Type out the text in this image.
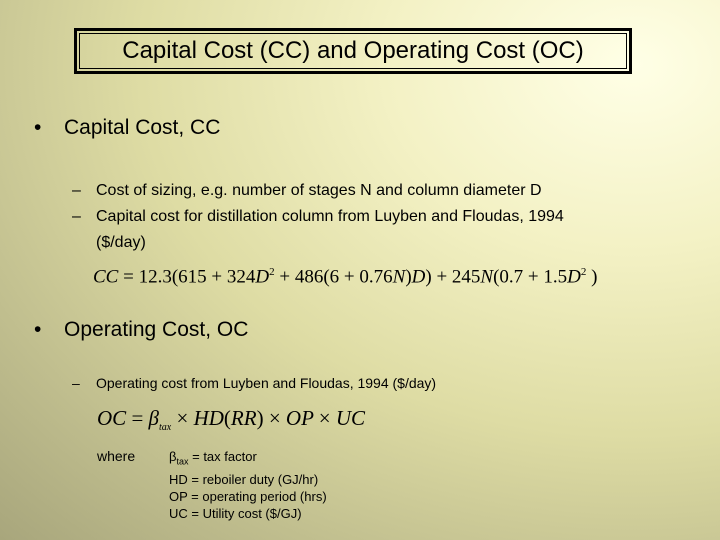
Capital Cost (CC) and Operating Cost (OC)
• Capital Cost, CC
– Cost of sizing, e.g. number of stages N and column diameter D
– Capital cost for distillation column from Luyben and Floudas, 1994
($/day)
CC = $12.3(615 + 324D^2 + 486(6 + 0.76N)D) + 245N(0.7 + 1.5D^2$ )
• Operating Cost, OC
– Operating cost from Luyben and Floudas, 1994 ($/day)
OC = $\beta_{tax} \times HD(RR)$ × OP × UC
where	$\beta_{tax}$ = tax factor
HD = reboiler duty (GJ/hr)
OP = operating period (hrs)
UC = Utility cost ($/GJ)
